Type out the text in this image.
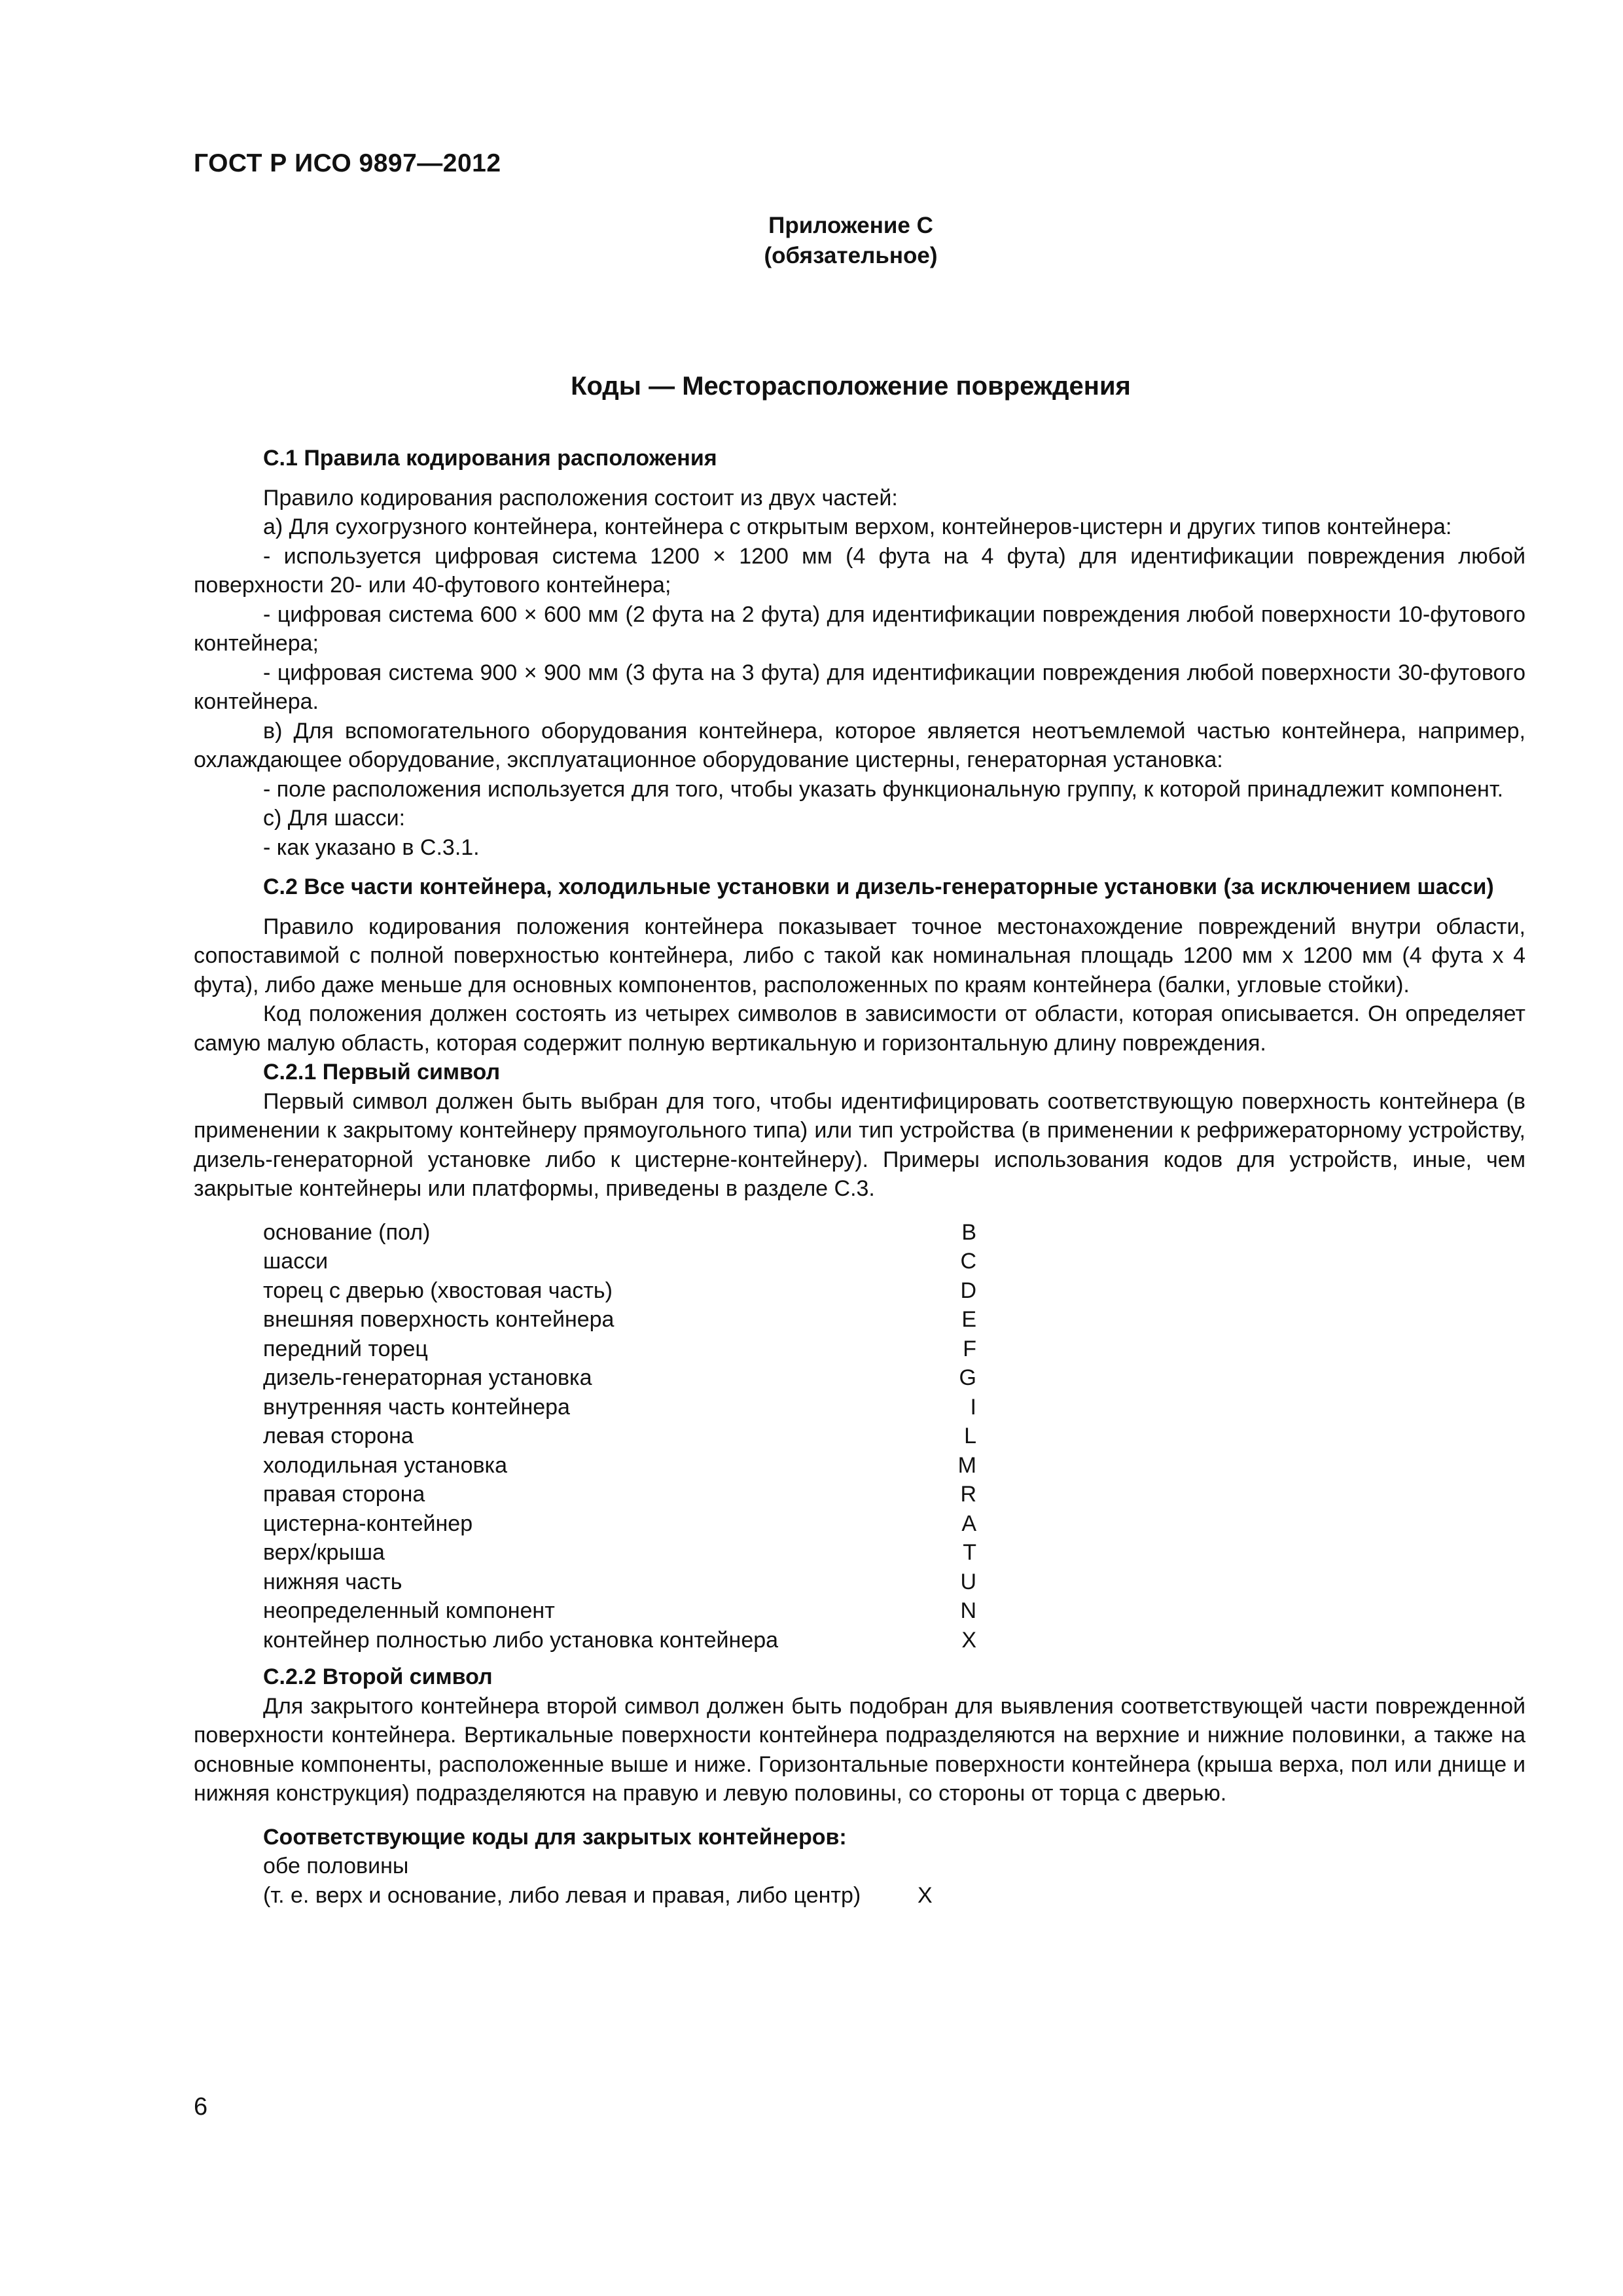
ГОСТ Р ИСО 9897—2012
Приложение С
(обязательное)
Коды — Месторасположение повреждения

С.1 Правила кодирования расположения

Правило кодирования расположения состоит из двух частей:

a) Для сухогрузного контейнера, контейнера с открытым верхом, контейнеров-цистерн и других типов контейнера:

- используется цифровая система 1200 × 1200 мм (4 фута на 4 фута) для идентификации повреждения любой поверхности 20- или 40-футового контейнера;

- цифровая система 600 × 600 мм (2 фута на 2 фута) для идентификации повреждения любой поверхности 10-футового контейнера;

- цифровая система 900 × 900 мм (3 фута на 3 фута) для идентификации повреждения любой поверхности 30-футового контейнера.

в) Для вспомогательного оборудования контейнера, которое является неотъемлемой частью контейнера, например, охлаждающее оборудование, эксплуатационное оборудование цистерны, генераторная установка:

- поле расположения используется для того, чтобы указать функциональную группу, к которой принадлежит компонент.

с) Для шасси:

- как указано в С.3.1.

С.2 Все части контейнера, холодильные установки и дизель-генераторные установки (за исключением шасси)

Правило кодирования положения контейнера показывает точное местонахождение повреждений внутри области, сопоставимой с полной поверхностью контейнера, либо с такой как номинальная площадь 1200 мм х 1200 мм (4 фута х 4 фута), либо даже меньше для основных компонентов, расположенных по краям контейнера (балки, угловые стойки).

Код положения должен состоять из четырех символов в зависимости от области, которая описывается. Он определяет самую малую область, которая содержит полную вертикальную и горизонтальную длину повреждения.

С.2.1 Первый символ

Первый символ должен быть выбран для того, чтобы идентифицировать соответствующую поверхность контейнера (в применении к закрытому контейнеру прямоугольного типа) или тип устройства (в применении к рефрижераторному устройству, дизель-генераторной установке либо к цистерне-контейнеру). Примеры использования кодов для устройств, иные, чем закрытые контейнеры или платформы, приведены в разделе С.3.

основание (пол)	B
шасси	C
торец с дверью (хвостовая часть)	D
внешняя поверхность контейнера	E
передний торец	F
дизель-генераторная установка	G
внутренняя часть контейнера	I
левая сторона	L
холодильная установка	M
правая сторона	R
цистерна-контейнер	A
верх/крыша	T
нижняя часть	U
неопределенный компонент	N
контейнер полностью либо установка контейнера	X

С.2.2 Второй символ

Для закрытого контейнера второй символ должен быть подобран для выявления соответствующей части поврежденной поверхности контейнера. Вертикальные поверхности контейнера подразделяются на верхние и нижние половинки, а также на основные компоненты, расположенные выше и ниже. Горизонтальные поверхности контейнера (крыша верха, пол или днище и нижняя конструкция) подразделяются на правую и левую половины, со стороны от торца с дверью.

Соответствующие коды для закрытых контейнеров:

обе половины

(т. е. верх и основание, либо левая и правая, либо центр)	X
6
